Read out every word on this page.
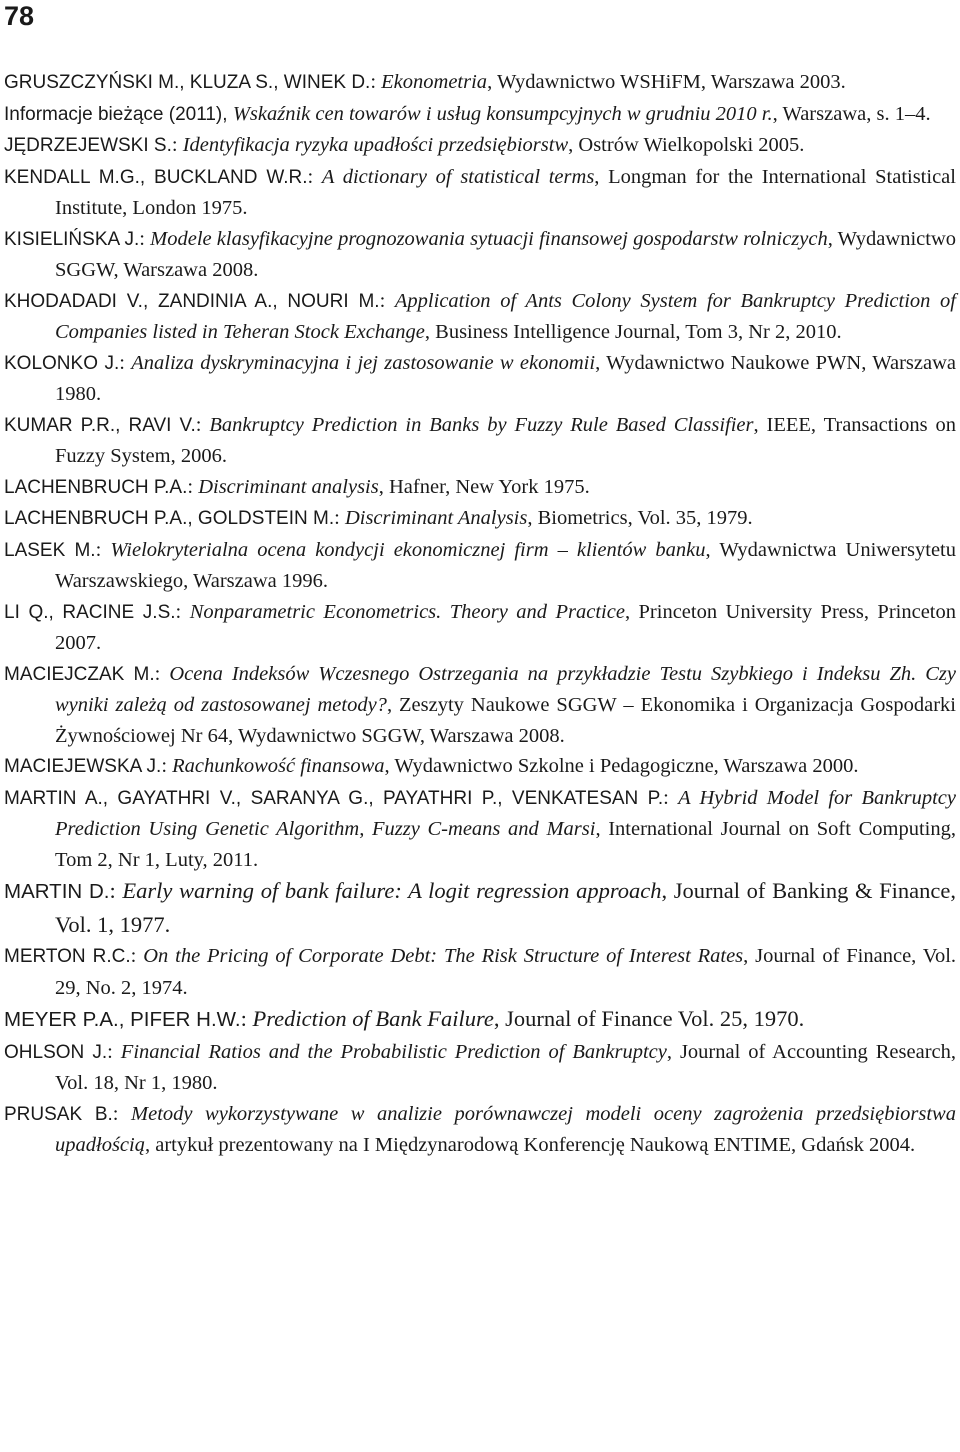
78

GRUSZCZYŃSKI M., KLUZA S., WINEK D.: Ekonometria, Wydawnictwo WSHiFM, Warszawa 2003.

Informacje bieżące (2011), Wskaźnik cen towarów i usług konsumpcyjnych w grudniu 2010 r., Warszawa, s. 1–4.

JĘDRZEJEWSKI S.: Identyfikacja ryzyka upadłości przedsiębiorstw, Ostrów Wielkopolski 2005.

KENDALL M.G., BUCKLAND W.R.: A dictionary of statistical terms, Longman for the International Statistical Institute, London 1975.

KISIELIŃSKA J.: Modele klasyfikacyjne prognozowania sytuacji finansowej gospodarstw rolniczych, Wydawnictwo SGGW, Warszawa 2008.

KHODADADI V., ZANDINIA A., NOURI M.: Application of Ants Colony System for Bankruptcy Prediction of Companies listed in Teheran Stock Exchange, Business Intelligence Journal, Tom 3, Nr 2, 2010.

KOLONKO J.: Analiza dyskryminacyjna i jej zastosowanie w ekonomii, Wydawnictwo Naukowe PWN, Warszawa 1980.

KUMAR P.R., RAVI V.: Bankruptcy Prediction in Banks by Fuzzy Rule Based Classifier, IEEE, Transactions on Fuzzy System, 2006.

LACHENBRUCH P.A.: Discriminant analysis, Hafner, New York 1975.

LACHENBRUCH P.A., GOLDSTEIN M.: Discriminant Analysis, Biometrics, Vol. 35, 1979.

LASEK M.: Wielokryterialna ocena kondycji ekonomicznej firm – klientów banku, Wydawnictwa Uniwersytetu Warszawskiego, Warszawa 1996.

LI Q., RACINE J.S.: Nonparametric Econometrics. Theory and Practice, Princeton University Press, Princeton 2007.

MACIEJCZAK M.: Ocena Indeksów Wczesnego Ostrzegania na przykładzie Testu Szybkiego i Indeksu Zh. Czy wyniki zależą od zastosowanej metody?, Zeszyty Naukowe SGGW – Ekonomika i Organizacja Gospodarki Żywnościowej Nr 64, Wydawnictwo SGGW, Warszawa 2008.

MACIEJEWSKA J.: Rachunkowość finansowa, Wydawnictwo Szkolne i Pedagogiczne, Warszawa 2000.

MARTIN A., GAYATHRI V., SARANYA G., PAYATHRI P., VENKATESAN P.: A Hybrid Model for Bankruptcy Prediction Using Genetic Algorithm, Fuzzy C-means and Marsi, International Journal on Soft Computing, Tom 2, Nr 1, Luty, 2011.

MARTIN D.: Early warning of bank failure: A logit regression approach, Journal of Banking & Finance, Vol. 1, 1977.

MERTON R.C.: On the Pricing of Corporate Debt: The Risk Structure of Interest Rates, Journal of Finance, Vol. 29, No. 2, 1974.

MEYER P.A., PIFER H.W.: Prediction of Bank Failure, Journal of Finance Vol. 25, 1970.

OHLSON J.: Financial Ratios and the Probabilistic Prediction of Bankruptcy, Journal of Accounting Research, Vol. 18, Nr 1, 1980.

PRUSAK B.: Metody wykorzystywane w analizie porównawczej modeli oceny zagrożenia przedsiębiorstwa upadłością, artykuł prezentowany na I Międzynarodową Konferencję Naukową ENTIME, Gdańsk 2004.
